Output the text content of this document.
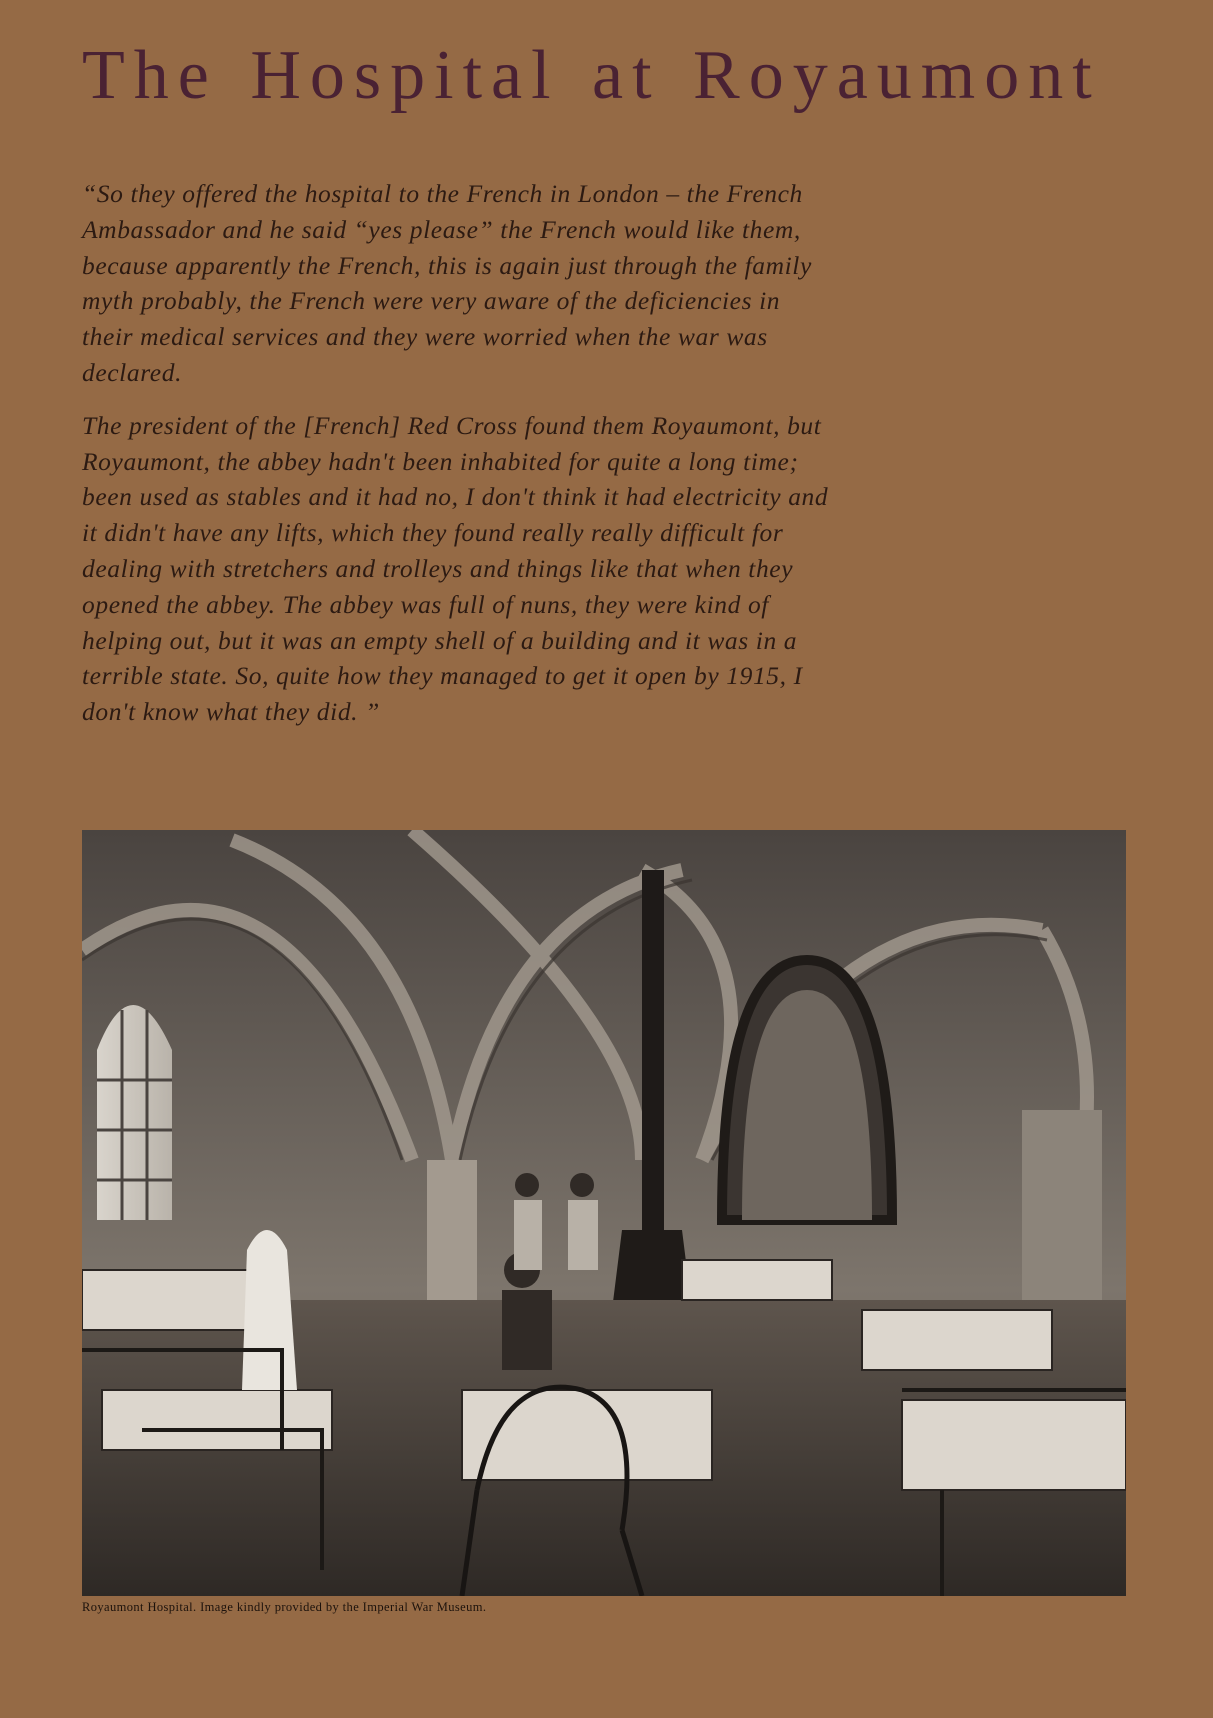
The Hospital at Royaumont

“So they offered the hospital to the French in London – the French Ambassador and he said “yes please” the French would like them, because apparently the French, this is again just through the family myth probably, the French were very aware of the deficiencies in their medical services and they were worried when the war was declared.

The president of the [French] Red Cross found them Royaumont, but Royaumont, the abbey hadn't been inhabited for quite a long time; been used as stables and it had no, I don't think it had electricity and it didn't have any lifts, which they found really really difficult for dealing with stretchers and trolleys and things like that when they opened the abbey. The abbey was full of nuns, they were kind of helping out, but it was an empty shell of a building and it was in a terrible state. So, quite how they managed to get it open by 1915, I don't know what they did. ”

Royaumont Hospital. Image kindly provided by the Imperial War Museum.
